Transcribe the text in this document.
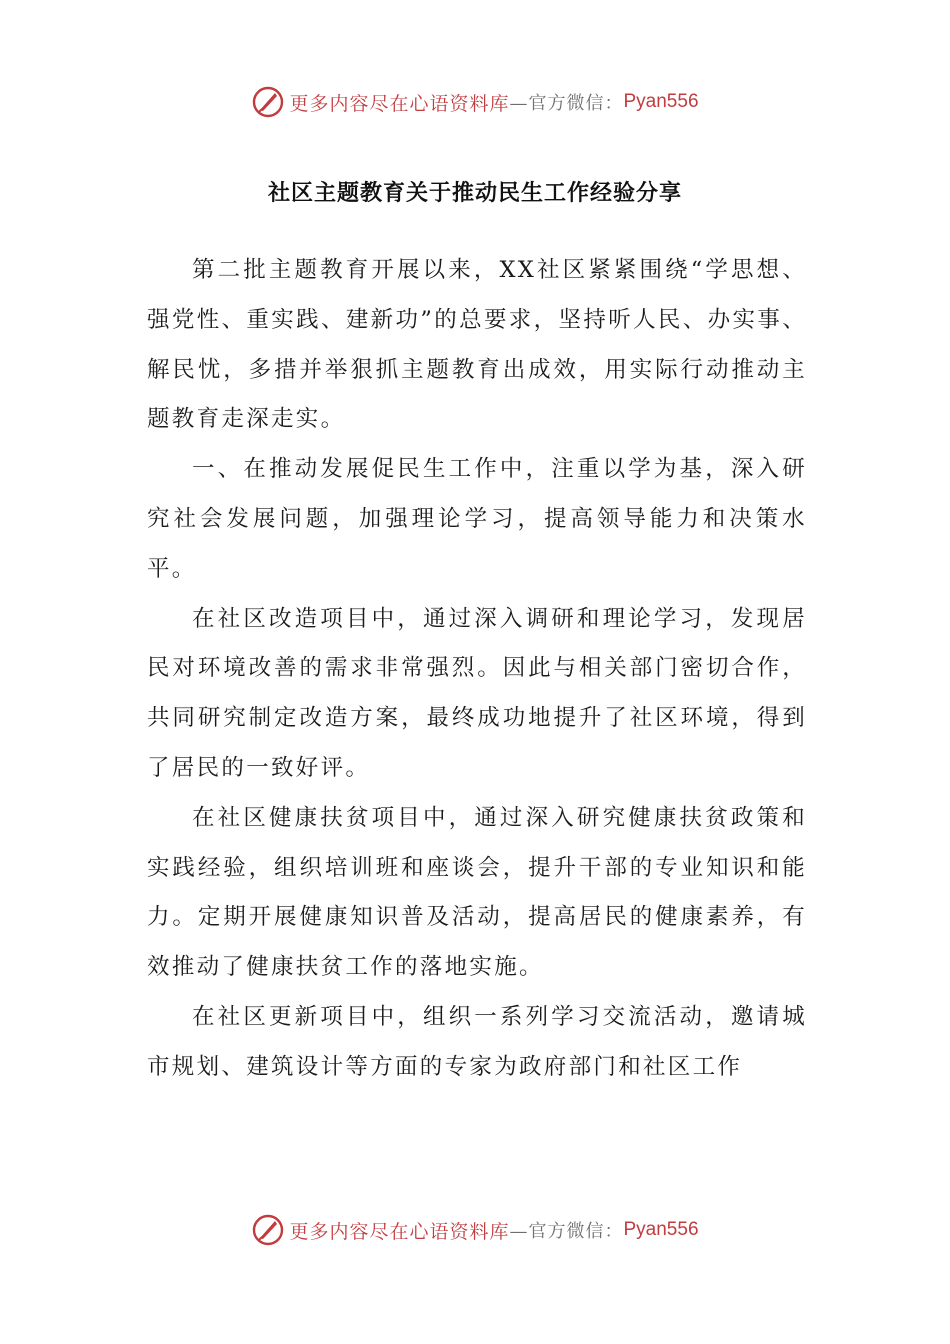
更多内容尽在心语资料库 —官方微信： Pyan556
社区主题教育关于推动民生工作经验分享

第二批主题教育开展以来，XX社区紧紧围绕“学思想、强党性、重实践、建新功”的总要求，坚持听人民、办实事、解民忧，多措并举狠抓主题教育出成效，用实际行动推动主题教育走深走实。

一、在推动发展促民生工作中，注重以学为基，深入研究社会发展问题，加强理论学习，提高领导能力和决策水平。

在社区改造项目中，通过深入调研和理论学习，发现居民对环境改善的需求非常强烈。因此与相关部门密切合作，共同研究制定改造方案，最终成功地提升了社区环境，得到了居民的一致好评。

在社区健康扶贫项目中，通过深入研究健康扶贫政策和实践经验，组织培训班和座谈会，提升干部的专业知识和能力。定期开展健康知识普及活动，提高居民的健康素养，有效推动了健康扶贫工作的落地实施。

在社区更新项目中，组织一系列学习交流活动，邀请城市规划、建筑设计等方面的专家为政府部门和社区工作

更多内容尽在心语资料库 —官方微信： Pyan556
